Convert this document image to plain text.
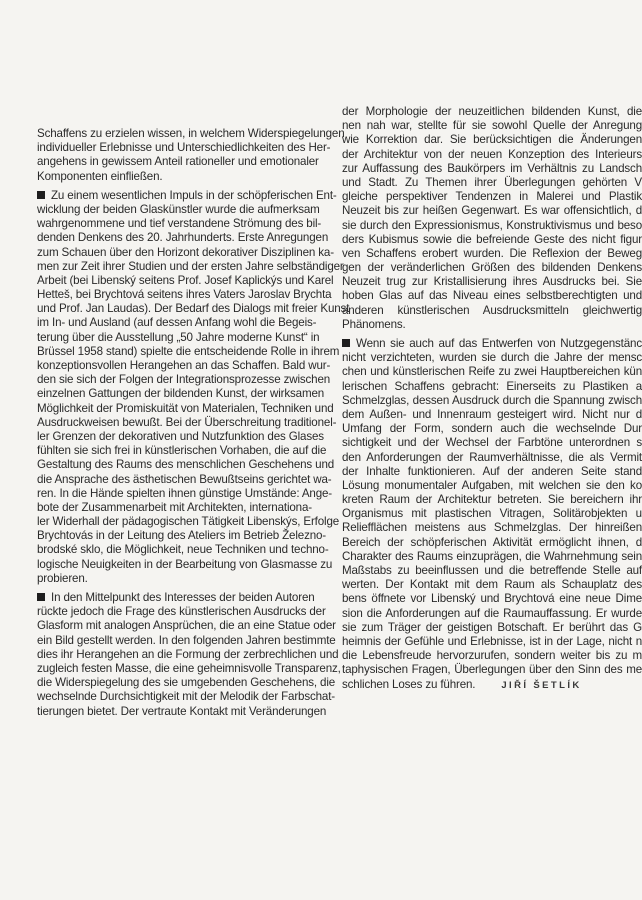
Schaffens zu erzielen wissen, in welchem Widerspiegelungen
individueller Erlebnisse und Unterschiedlichkeiten des Her-
angehens in gewissem Anteil rationeller und emotionaler
Komponenten einfließen.
Zu einem wesentlichen Impuls in der schöpferischen Ent-
wicklung der beiden Glaskünstler wurde die aufmerksam
wahrgenommene und tief verstandene Strömung des bil-
denden Denkens des 20. Jahrhunderts. Erste Anregungen
zum Schauen über den Horizont dekorativer Disziplinen ka-
men zur Zeit ihrer Studien und der ersten Jahre selbständiger
Arbeit (bei Libenský seitens Prof. Josef Kaplickýs und Karel
Hetteš, bei Brychtová seitens ihres Vaters Jaroslav Brychta
und Prof. Jan Laudas). Der Bedarf des Dialogs mit freier Kunst
im In- und Ausland (auf dessen Anfang wohl die Begeis-
terung über die Ausstellung „50 Jahre moderne Kunst“ in
Brüssel 1958 stand) spielte die entscheidende Rolle in ihrem
konzeptionsvollen Herangehen an das Schaffen. Bald wur-
den sie sich der Folgen der Integrationsprozesse zwischen
einzelnen Gattungen der bildenden Kunst, der wirksamen
Möglichkeit der Promiskuität von Materialen, Techniken und
Ausdruckweisen bewußt. Bei der Überschreitung traditionel-
ler Grenzen der dekorativen und Nutzfunktion des Glases
fühlten sie sich frei in künstlerischen Vorhaben, die auf die
Gestaltung des Raums des menschlichen Geschehens und
die Ansprache des ästhetischen Bewußtseins gerichtet wa-
ren. In die Hände spielten ihnen günstige Umstände: Ange-
bote der Zusammenarbeit mit Architekten, internationa-
ler Widerhall der pädagogischen Tätigkeit Libenskýs, Erfolge
Brychtovás in der Leitung des Ateliers im Betrieb Železno-
brodské sklo, die Möglichkeit, neue Techniken und techno-
logische Neuigkeiten in der Bearbeitung von Glasmasse zu
probieren.
In den Mittelpunkt des Interesses der beiden Autoren
rückte jedoch die Frage des künstlerischen Ausdrucks der
Glasform mit analogen Ansprüchen, die an eine Statue oder
ein Bild gestellt werden. In den folgenden Jahren bestimmte
dies ihr Herangehen an die Formung der zerbrechlichen und
zugleich festen Masse, die eine geheimnisvolle Transparenz,
die Widerspiegelung des sie umgebenden Geschehens, die
wechselnde Durchsichtigkeit mit der Melodik der Farbschat-
tierungen bietet. Der vertraute Kontakt mit Veränderungen
der Morphologie der neuzeitlichen bildenden Kunst, die
nen nah war, stellte für sie sowohl Quelle der Anregung
wie Korrektion dar. Sie berücksichtigen die Änderungen
der Architektur von der neuen Konzeption des Interieurs
zur Auffassung des Baukörpers im Verhältnis zu Landsch
und Stadt. Zu Themen ihrer Überlegungen gehörten V
gleiche perspektiver Tendenzen in Malerei und Plastik
Neuzeit bis zur heißen Gegenwart. Es war offensichtlich, d
sie durch den Expressionismus, Konstruktivismus und beso
ders Kubismus sowie die befreiende Geste des nicht figur
ven Schaffens erobert wurden. Die Reflexion der Beweg
gen der veränderlichen Größen des bildenden Denkens
Neuzeit trug zur Kristallisierung ihres Ausdrucks bei. Sie
hoben Glas auf das Niveau eines selbstberechtigten und
anderen künstlerischen Ausdrucksmitteln gleichwertig
Phänomens.
Wenn sie auch auf das Entwerfen von Nutzgegenstänc
nicht verzichteten, wurden sie durch die Jahre der mensc
chen und künstlerischen Reife zu zwei Hauptbereichen kün
lerischen Schaffens gebracht: Einerseits zu Plastiken a
Schmelzglas, dessen Ausdruck durch die Spannung zwisch
dem Außen- und Innenraum gesteigert wird. Nicht nur d
Umfang der Form, sondern auch die wechselnde Dur
sichtigkeit und der Wechsel der Farbtöne unterordnen s
den Anforderungen der Raumverhältnisse, die als Vermit
der Inhalte funktionieren. Auf der anderen Seite stand
Lösung monumentaler Aufgaben, mit welchen sie den ko
kreten Raum der Architektur betreten. Sie bereichern ihr
Organismus mit plastischen Vitragen, Solitärobjekten u
Reliefflächen meistens aus Schmelzglas. Der hinreißen
Bereich der schöpferischen Aktivität ermöglicht ihnen, d
Charakter des Raums einzuprägen, die Wahrnehmung sein
Maßstabs zu beeinflussen und die betreffende Stelle auf
werten. Der Kontakt mit dem Raum als Schauplatz des
bens öffnete vor Libenský und Brychtová eine neue Dime
sion die Anforderungen auf die Raumauffassung. Er wurde
sie zum Träger der geistigen Botschaft. Er berührt das G
heimnis der Gefühle und Erlebnisse, ist in der Lage, nicht n
die Lebensfreude hervorzurufen, sondern weiter bis zu m
taphysischen Fragen, Überlegungen über den Sinn des me
schlichen Loses zu führen.	JIŘÍ ŠETLÍK
